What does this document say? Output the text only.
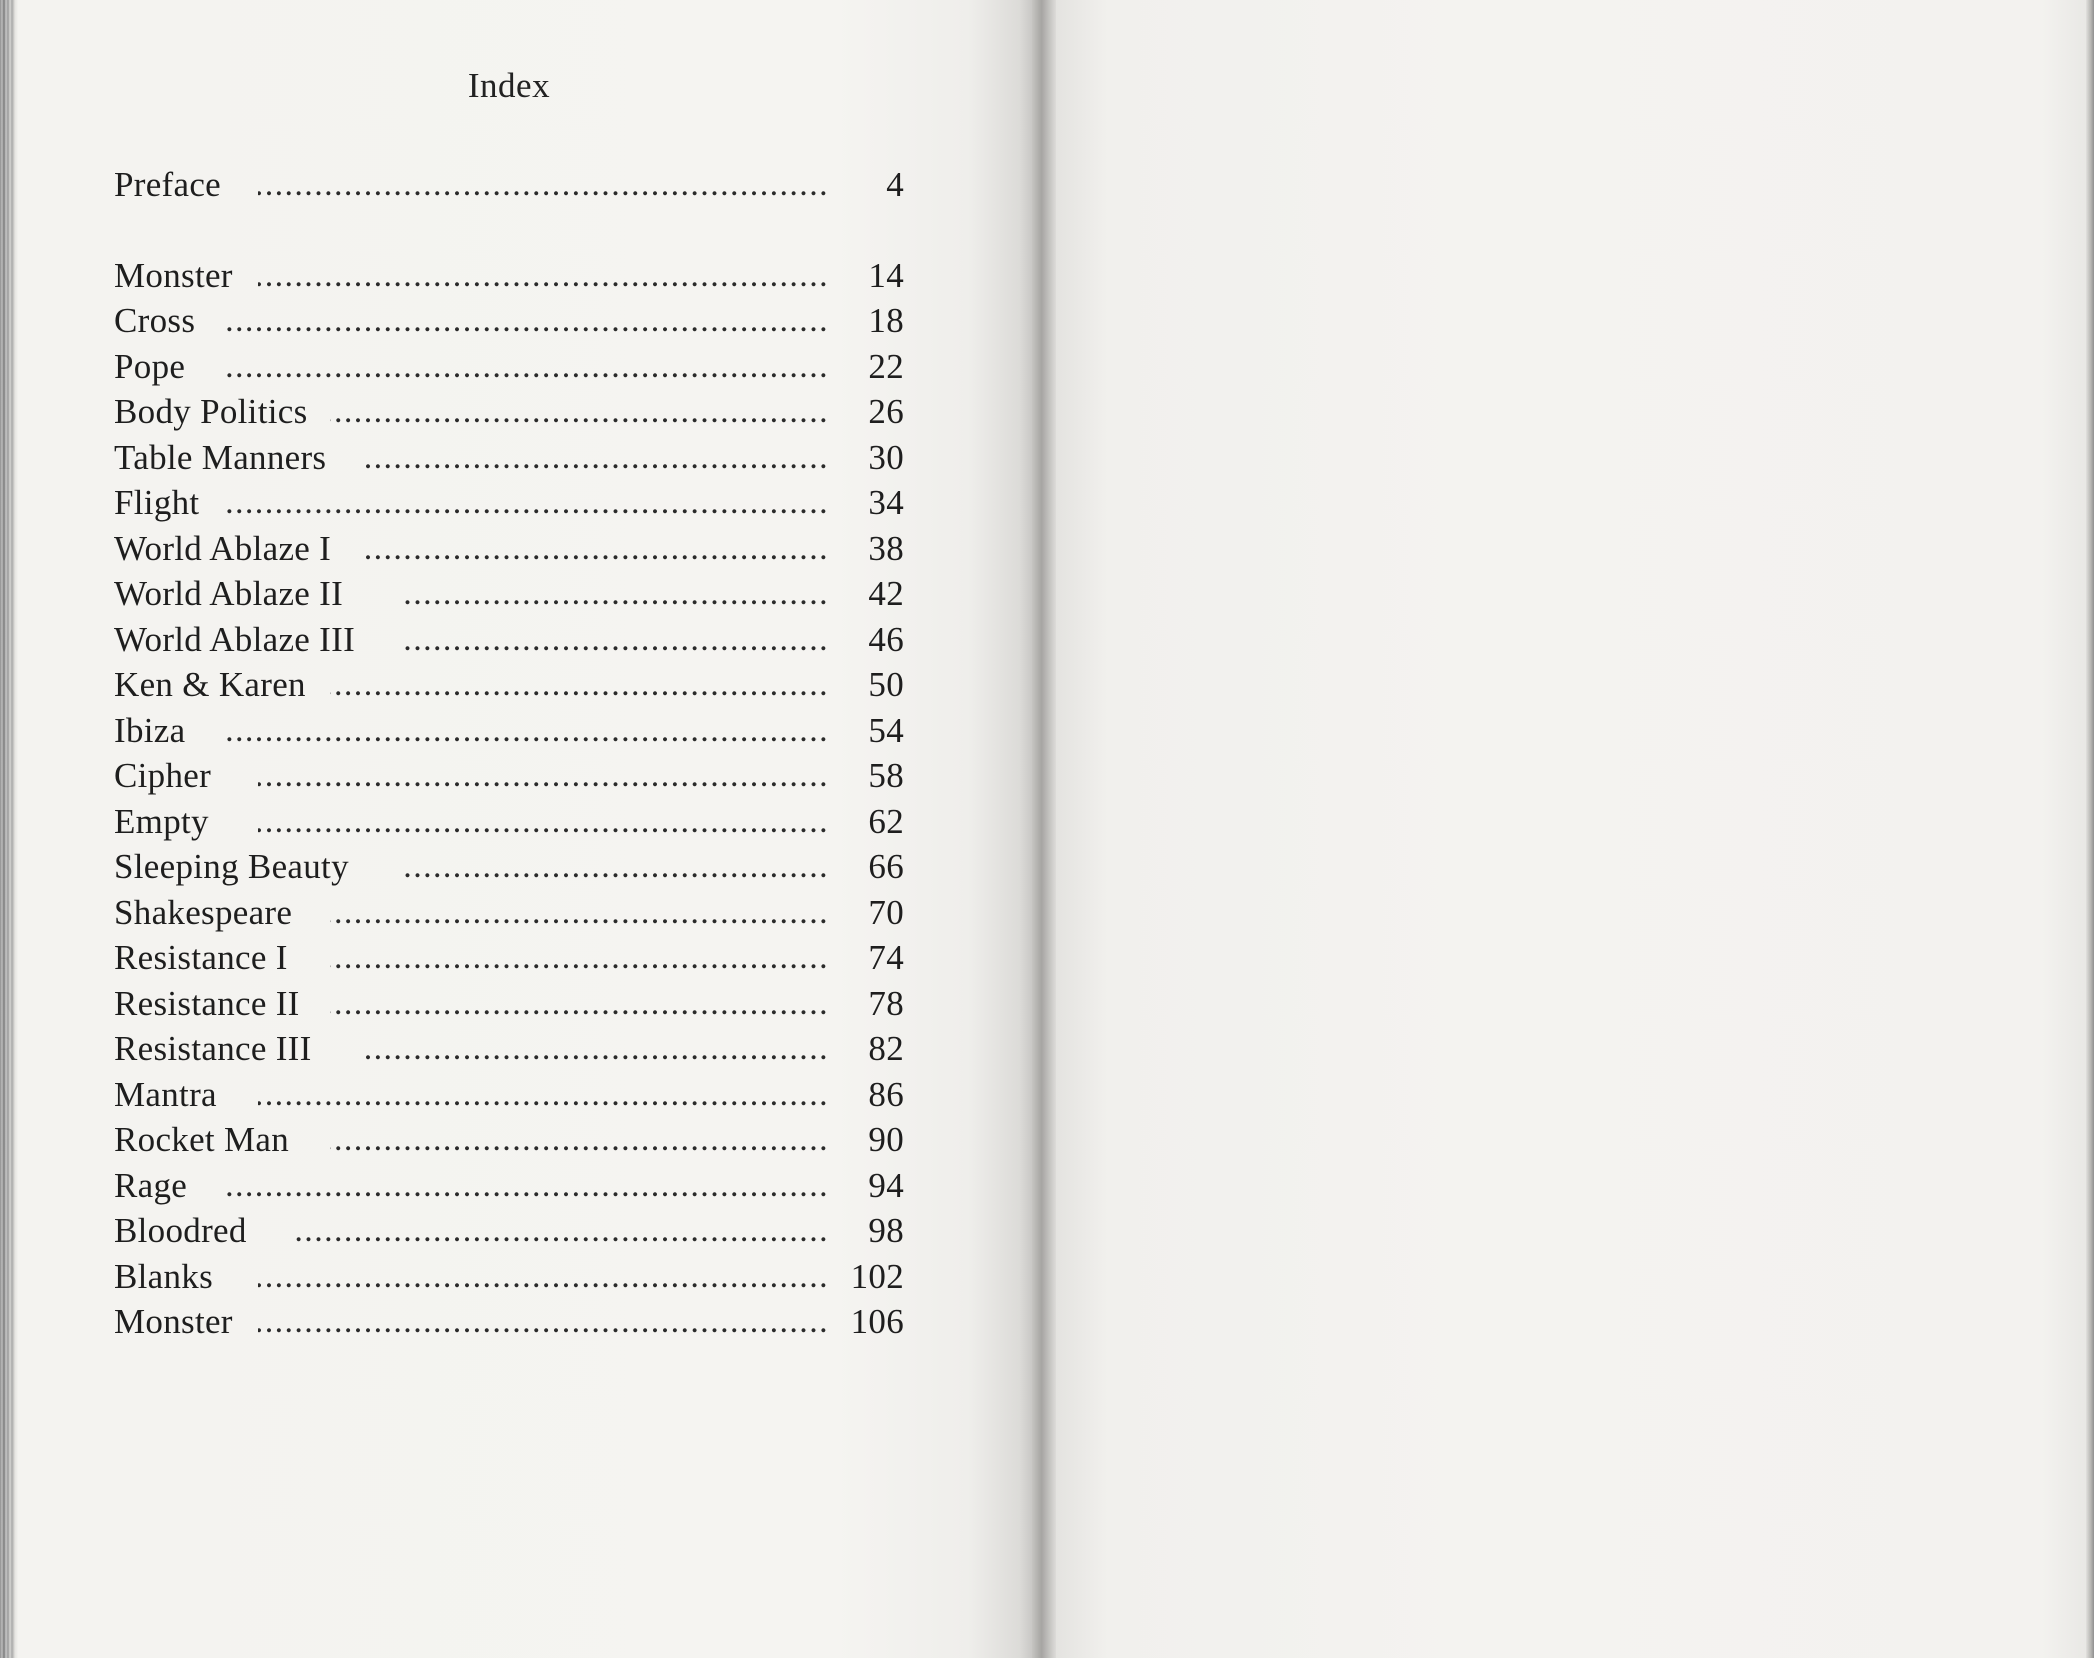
Index
Preface .....	4
Monster .....	14
Cross .....	18
Pope .....	22
Body Politics .....	26
Table Manners .....	30
Flight .....	34
World Ablaze I .....	38
World Ablaze II .....	42
World Ablaze III .....	46
Ken & Karen .....	50
Ibiza .....	54
Cipher .....	58
Empty .....	62
Sleeping Beauty .....	66
Shakespeare .....	70
Resistance I .....	74
Resistance II .....	78
Resistance III .....	82
Mantra .....	86
Rocket Man .....	90
Rage .....	94
Bloodred .....	98
Blanks .....	102
Monster .....	106
